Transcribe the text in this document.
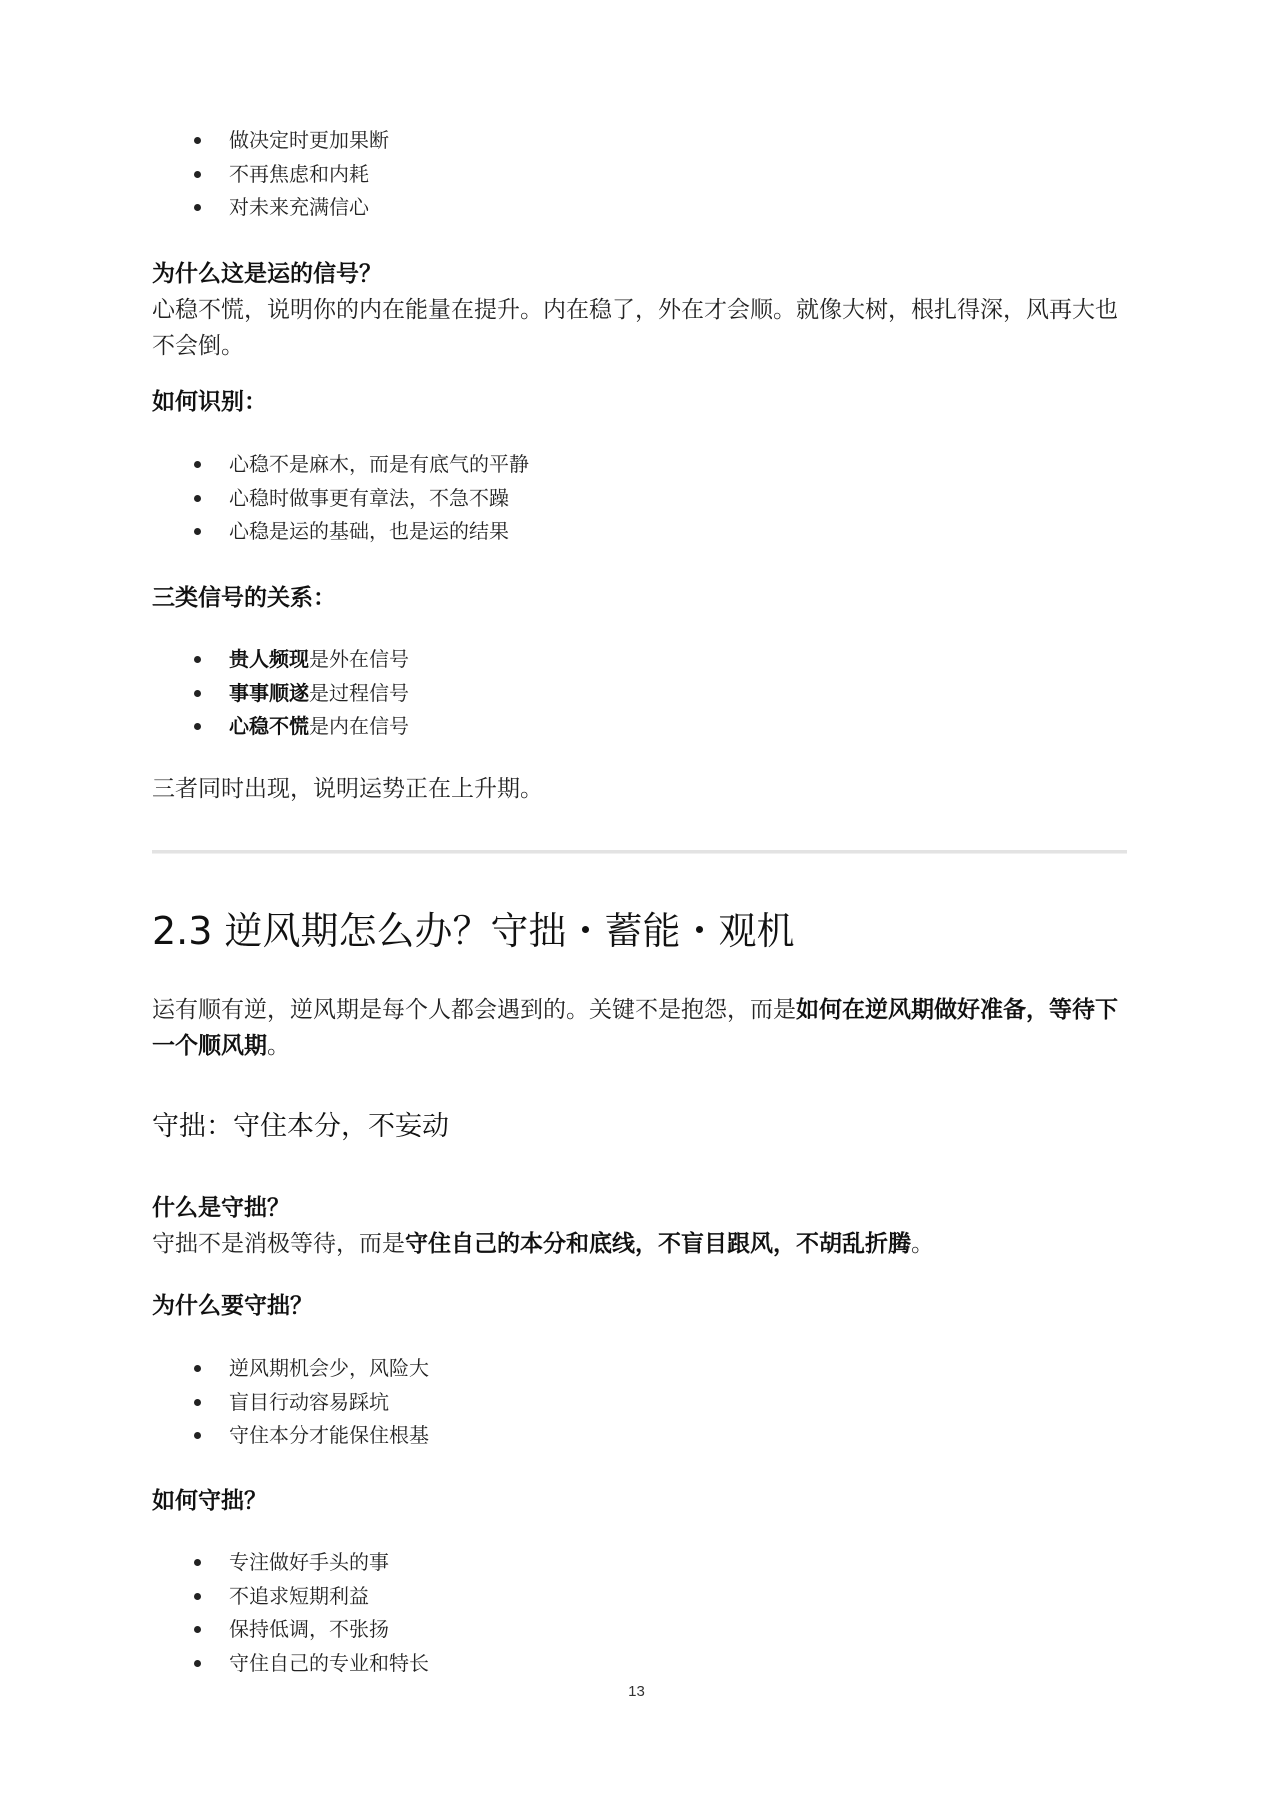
做决定时更加果断
不再焦虑和内耗
对未来充满信心

为什么这是运的信号？

心稳不慌，说明你的内在能量在提升。内在稳了，外在才会顺。就像大树，根扎得深，风再大也不会倒。

如何识别：

心稳不是麻木，而是有底气的平静
心稳时做事更有章法，不急不躁
心稳是运的基础，也是运的结果

三类信号的关系：

贵人频现是外在信号
事事顺遂是过程信号
心稳不慌是内在信号

三者同时出现，说明运势正在上升期。

2.3 逆风期怎么办？守拙・蓄能・观机

运有顺有逆，逆风期是每个人都会遇到的。关键不是抱怨，而是如何在逆风期做好准备，等待下一个顺风期。

守拙：守住本分，不妄动

什么是守拙？

守拙不是消极等待，而是守住自己的本分和底线，不盲目跟风，不胡乱折腾。

为什么要守拙？

逆风期机会少，风险大
盲目行动容易踩坑
守住本分才能保住根基

如何守拙？

专注做好手头的事
不追求短期利益
保持低调，不张扬
守住自己的专业和特长
13
